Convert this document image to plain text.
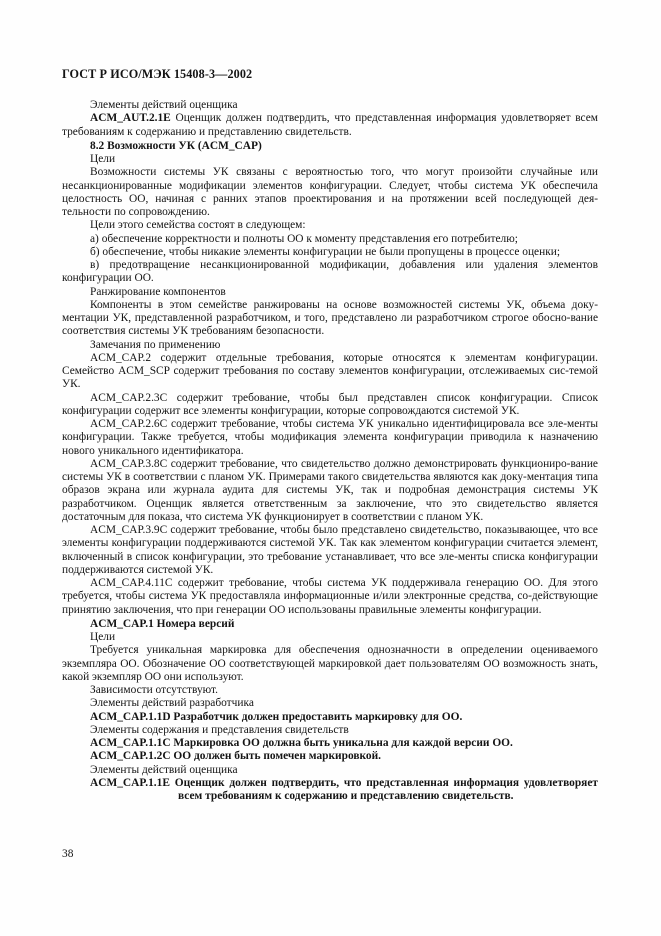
ГОСТ Р ИСО/МЭК 15408-3—2002

Элементы действий оценщика

ACM_AUT.2.1E Оценщик должен подтвердить, что представленная информация удовлетворяет всем требованиям к содержанию и представлению свидетельств.

8.2 Возможности УК (ACM_CAP)

Цели

Возможности системы УК связаны с вероятностью того, что могут произойти случайные или несанкционированные модификации элементов конфигурации. Следует, чтобы система УК обеспечила целостность ОО, начиная с ранних этапов проектирования и на протяжении всей последующей дея-тельности по сопровождению.

Цели этого семейства состоят в следующем:

а) обеспечение корректности и полноты ОО к моменту представления его потребителю;

б) обеспечение, чтобы никакие элементы конфигурации не были пропущены в процессе оценки;

в) предотвращение несанкционированной модификации, добавления или удаления элементов конфигурации ОО.

Ранжирование компонентов

Компоненты в этом семействе ранжированы на основе возможностей системы УК, объема доку-ментации УК, представленной разработчиком, и того, представлено ли разработчиком строгое обосно-вание соответствия системы УК требованиям безопасности.

Замечания по применению

ACM_CAP.2 содержит отдельные требования, которые относятся к элементам конфигурации. Семейство ACM_SCP содержит требования по составу элементов конфигурации, отслеживаемых сис-темой УК.

ACM_CAP.2.3C содержит требование, чтобы был представлен список конфигурации. Список конфигурации содержит все элементы конфигурации, которые сопровождаются системой УК.

ACM_CAP.2.6C содержит требование, чтобы система УК уникально идентифицировала все эле-менты конфигурации. Также требуется, чтобы модификация элемента конфигурации приводила к назначению нового уникального идентификатора.

ACM_CAP.3.8C содержит требование, что свидетельство должно демонстрировать функциониро-вание системы УК в соответствии с планом УК. Примерами такого свидетельства являются как доку-ментация типа образов экрана или журнала аудита для системы УК, так и подробная демонстрация системы УК разработчиком. Оценщик является ответственным за заключение, что это свидетельство является достаточным для показа, что система УК функционирует в соответствии с планом УК.

ACM_CAP.3.9C содержит требование, чтобы было представлено свидетельство, показывающее, что все элементы конфигурации поддерживаются системой УК. Так как элементом конфигурации считается элемент, включенный в список конфигурации, это требование устанавливает, что все эле-менты списка конфигурации поддерживаются системой УК.

ACM_CAP.4.11C содержит требование, чтобы система УК поддерживала генерацию ОО. Для этого требуется, чтобы система УК предоставляла информационные и/или электронные средства, со-действующие принятию заключения, что при генерации ОО использованы правильные элементы конфигурации.

ACM_CAP.1 Номера версий

Цели

Требуется уникальная маркировка для обеспечения однозначности в определении оцениваемого экземпляра ОО. Обозначение ОО соответствующей маркировкой дает пользователям ОО возможность знать, какой экземпляр ОО они используют.

Зависимости отсутствуют.

Элементы действий разработчика

ACM_CAP.1.1D Разработчик должен предоставить маркировку для ОО.

Элементы содержания и представления свидетельств

ACM_CAP.1.1C Маркировка ОО должна быть уникальна для каждой версии ОО.

ACM_CAP.1.2C ОО должен быть помечен маркировкой.

Элементы действий оценщика

ACM_CAP.1.1E Оценщик должен подтвердить, что представленная информация удовлетворяет

всем требованиям к содержанию и представлению свидетельств.

38
